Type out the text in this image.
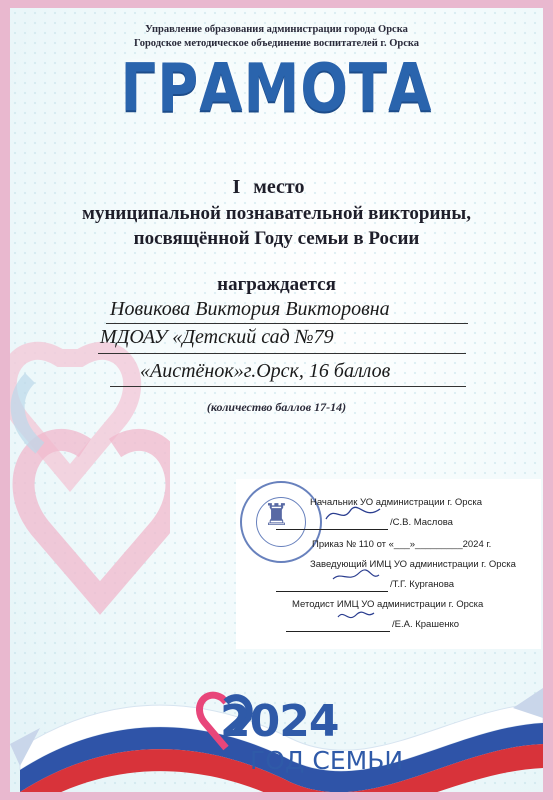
Управление образования администрации города Орска
Городское методическое объединение воспитателей г. Орска
ГРАМОТА
I место
муниципальной познавательной викторины,
посвящённой Году семьи в Росии
награждается
Новикова Виктория Викторовна
МДОАУ «Детский сад №79
«Аистёнок»г.Орск, 16 баллов
(количество баллов 17-14)
♜ Начальник УО администрации г. Орска
/С.В. Маслова
Приказ № 110 от «___»_________2024 г.
Заведующий ИМЦ УО администрации г. Орска
/Т.Г. Курганова
Методист ИМЦ УО администрации г. Орска
/Е.А. Крашенко
2024
ГОД СЕМЬИ
